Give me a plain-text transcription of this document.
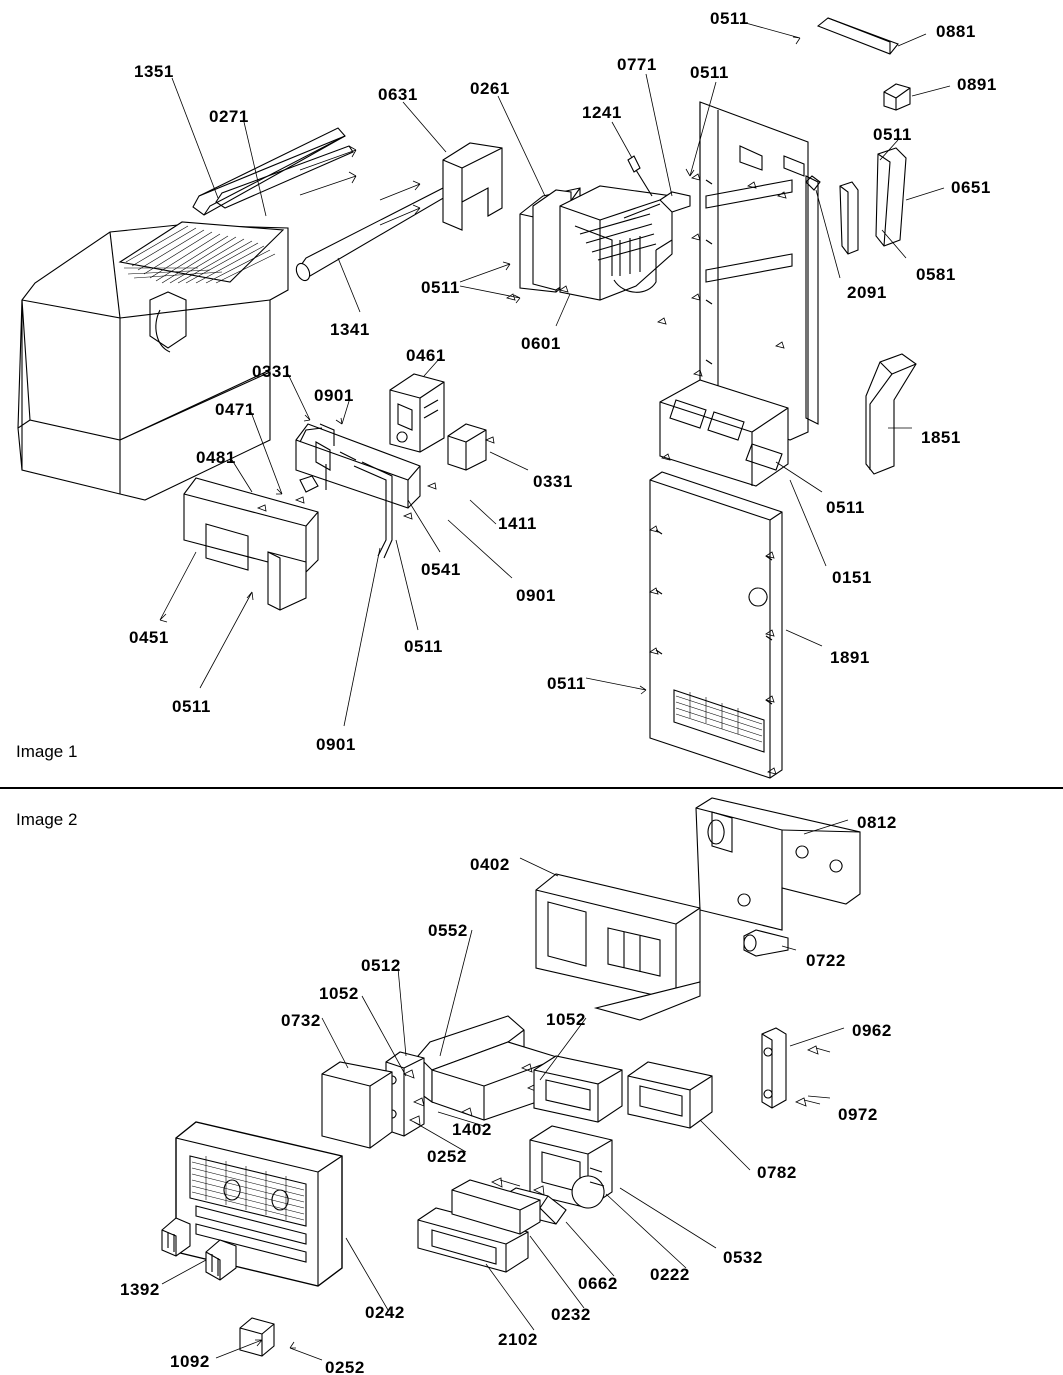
Image 1
Image 2
1351
0271
0631	0261
1241
0771 0511
0511
0881
0891
0511
0651
0581
2091
0511
0601
1341
0331
0461
0901
0471
0481
0331
1411
0541
0901
0511
0451
0511
0901
1851
0511
0151
1891
0511
0812
0402
0722
0552
0512
1052
0732	1052
0962
0972
1402
0252
0782
0532
0222
0662
0232
2102
1392
0242
1092	0252
